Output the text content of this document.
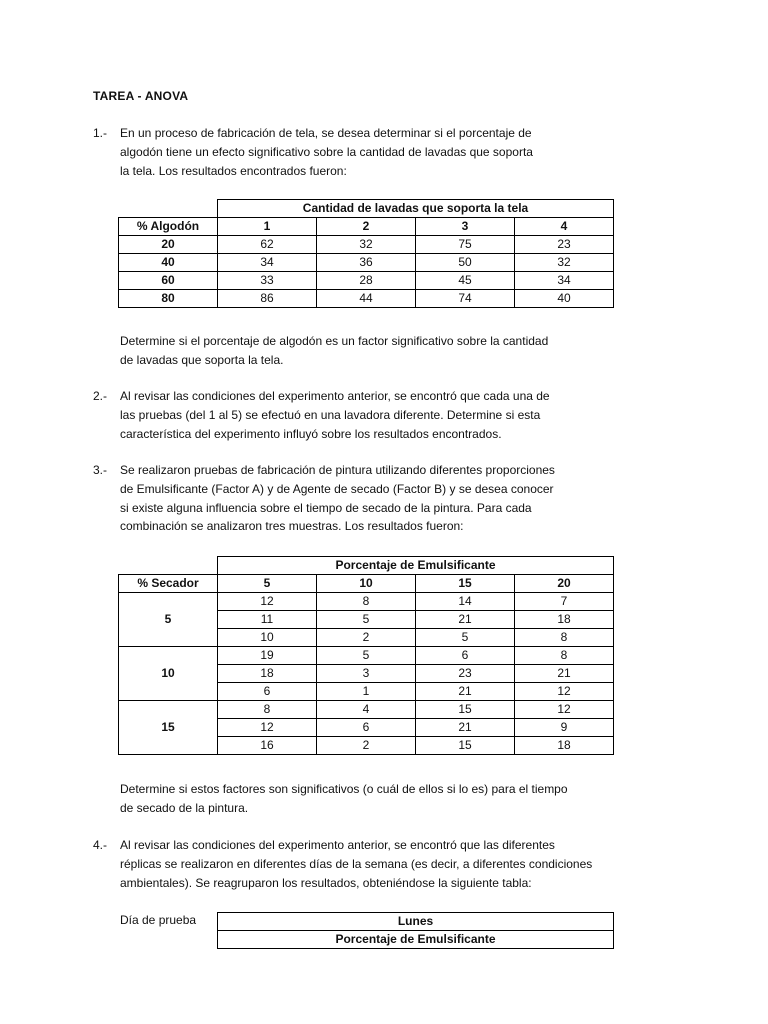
TAREA - ANOVA
1.- En un proceso de fabricación de tela, se desea determinar si el porcentaje de
algodón tiene un efecto significativo sobre la cantidad de lavadas que soporta
la tela. Los resultados encontrados fueron:

	Cantidad de lavadas que soporta la tela			
% Algodón	1	2	3	4
20	62	32	75	23
40	34	36	50	32
60	33	28	45	34
80	86	44	74	40

Determine si el porcentaje de algodón es un factor significativo sobre la cantidad
de lavadas que soporta la tela.

2.- Al revisar las condiciones del experimento anterior, se encontró que cada una de
las pruebas (del 1 al 5) se efectuó en una lavadora diferente. Determine si esta
característica del experimento influyó sobre los resultados encontrados.

3.- Se realizaron pruebas de fabricación de pintura utilizando diferentes proporciones
de Emulsificante (Factor A) y de Agente de secado (Factor B) y se desea conocer
si existe alguna influencia sobre el tiempo de secado de la pintura. Para cada
combinación se analizaron tres muestras. Los resultados fueron:

	Porcentaje de Emulsificante			
% Secador	5	10	15	20
5	12	8	14	7
	11	5	21	18
	10	2	5	8
10	19	5	6	8
	18	3	23	21
	6	1	21	12
15	8	4	15	12
	12	6	21	9
	16	2	15	18

Determine si estos factores son significativos (o cuál de ellos si lo es) para el tiempo
de secado de la pintura.

4.- Al revisar las condiciones del experimento anterior, se encontró que las diferentes
réplicas se realizaron en diferentes días de la semana (es decir, a diferentes condiciones
ambientales). Se reagruparon los resultados, obteniéndose la siguiente tabla:

Día de prueba	Lunes
Porcentaje de Emulsificante
